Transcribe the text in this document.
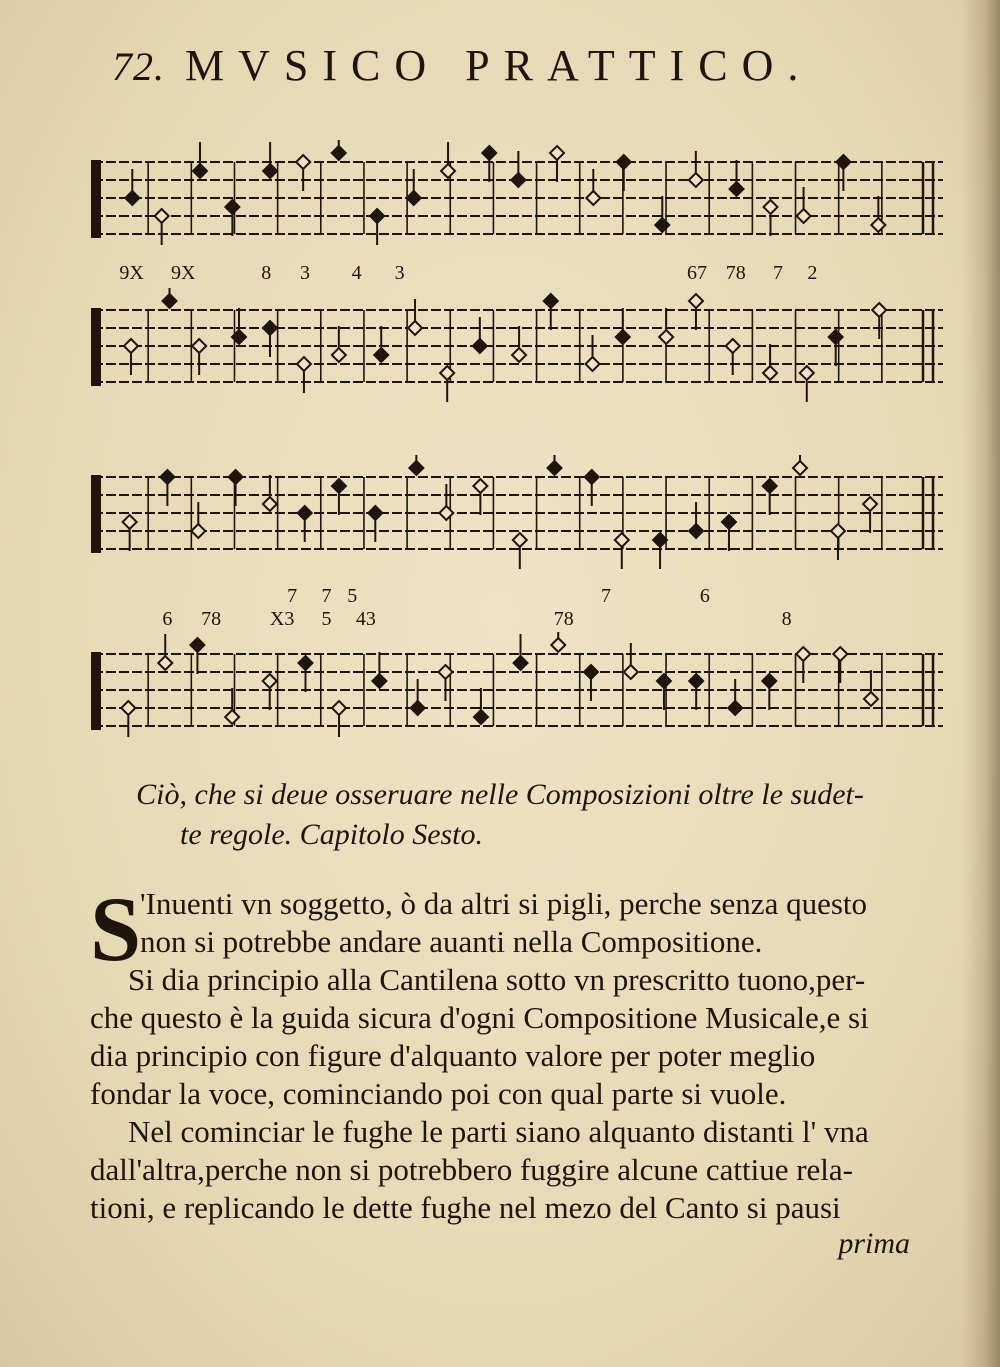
72. MVSICO PRATTICO.
9X 9X	8 3 4 3	67 78 7 2
7 7 5	7	6
6 78 X3 5 43	78	8
Ciò, che si deue osseruare nelle Composizioni oltre le sudet-
te regole. Capitolo Sesto.
S
'Inuenti vn soggetto, ò da altri si pigli, perche senza questo
non si potrebbe andare auanti nella Compositione.
Si dia principio alla Cantilena sotto vn prescritto tuono,per-
che questo è la guida sicura d'ogni Compositione Musicale,e si
dia principio con figure d'alquanto valore per poter meglio
fondar la voce, cominciando poi con qual parte si vuole.
Nel cominciar le fughe le parti siano alquanto distanti l' vna
dall'altra,perche non si potrebbero fuggire alcune cattiue rela-
tioni, e replicando le dette fughe nel mezo del Canto si pausi
prima
